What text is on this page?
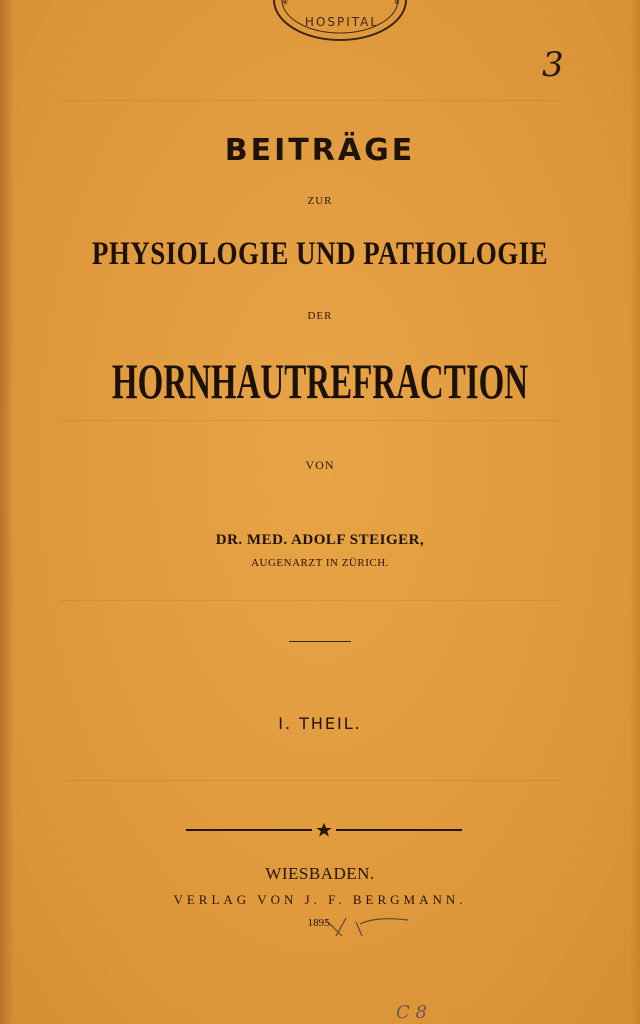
HOSPITAL
*	*
3
BEITRÄGE
ZUR
PHYSIOLOGIE UND PATHOLOGIE
DER
HORNHAUTREFRACTION
VON
DR. MED. ADOLF STEIGER,
AUGENARZT IN ZÜRICH.
I. THEIL.
WIESBADEN.
VERLAG VON J. F. BERGMANN.
1895.
C 8
